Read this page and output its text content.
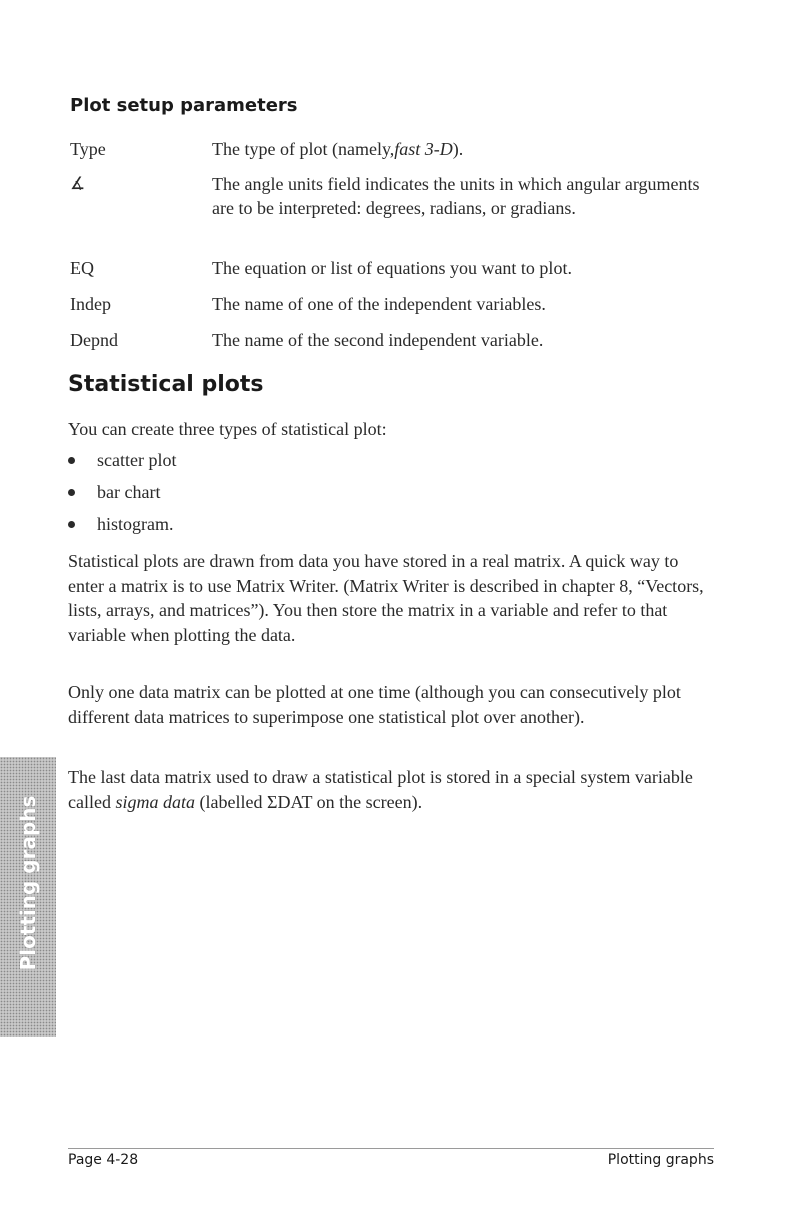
Plot setup parameters
Type	The type of plot (namely,fast 3-D).
∡	The angle units field indicates the units in which angular arguments are to be interpreted: degrees, radians, or gradians.
EQ	The equation or list of equations you want to plot.
Indep	The name of one of the independent variables.
Depnd	The name of the second independent variable.
Statistical plots

You can create three types of statistical plot:

scatter plot
bar chart
histogram.

Statistical plots are drawn from data you have stored in a real matrix. A quick way to enter a matrix is to use Matrix Writer. (Matrix Writer is described in chapter 8, “Vectors, lists, arrays, and matrices”). You then store the matrix in a variable and refer to that variable when plotting the data.

Only one data matrix can be plotted at one time (although you can consecutively plot different data matrices to superimpose one statistical plot over another).

The last data matrix used to draw a statistical plot is stored in a special system variable called sigma data (labelled ΣDAT on the screen).

Plotting graphs
Page 4-28	Plotting graphs
